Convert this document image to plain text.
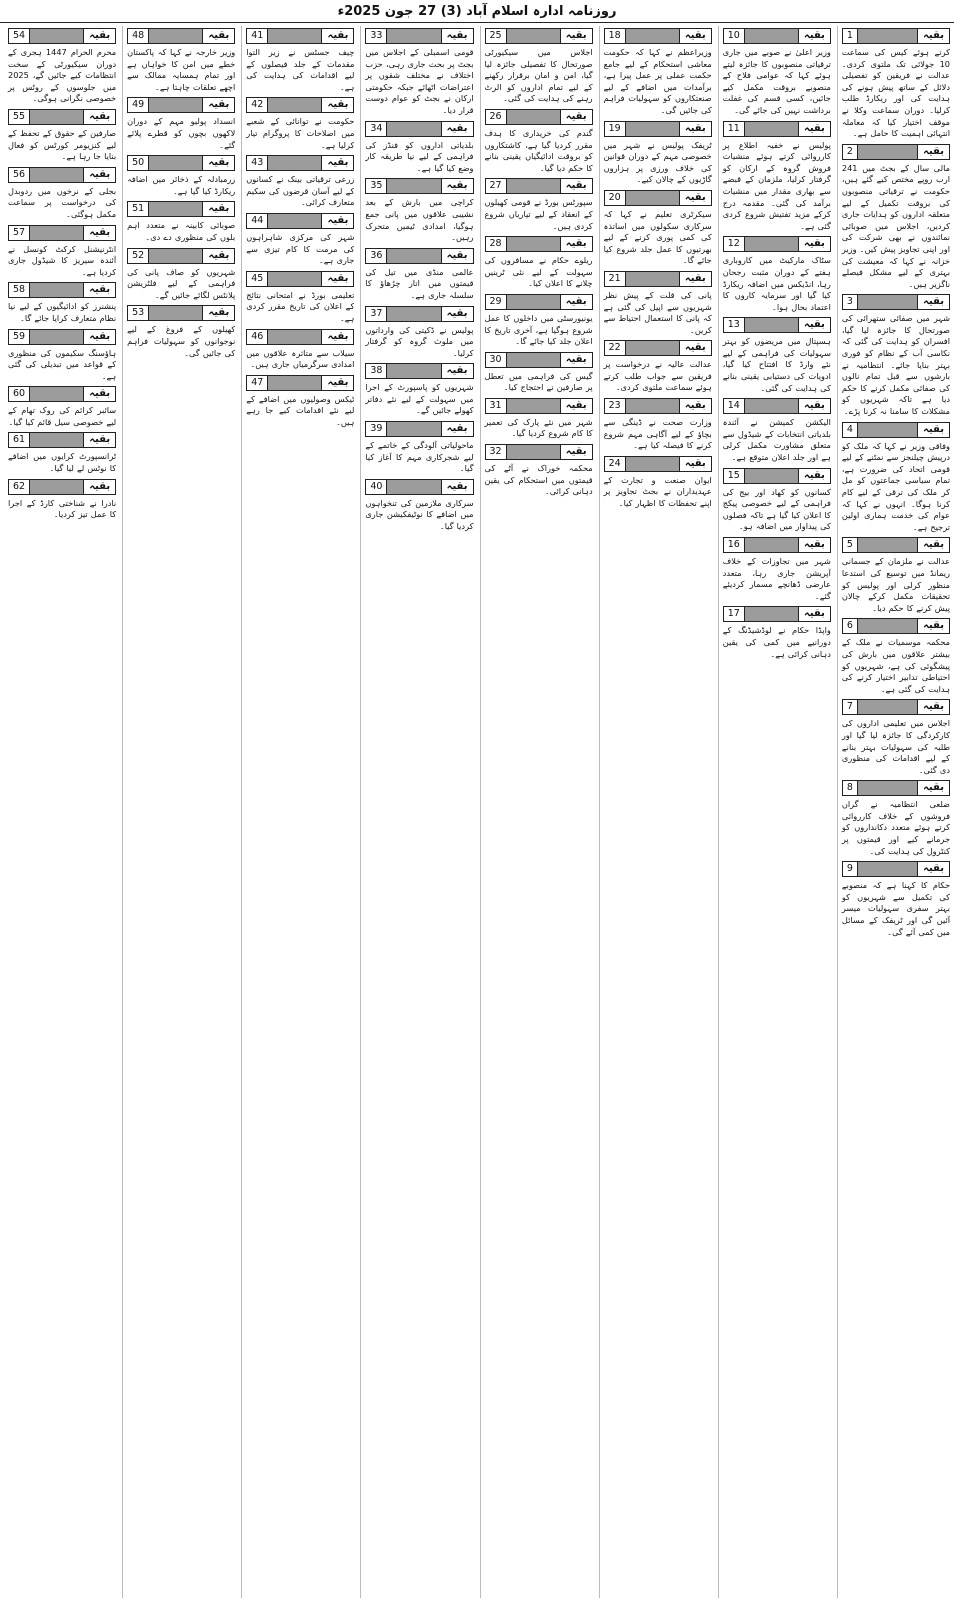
روزنامہ ادارہ اسلام آباد (3) 27 جون 2025ء
بقیہ
1

کرتے ہوئے کیس کی سماعت 10 جولائی تک ملتوی کردی۔ عدالت نے فریقین کو تفصیلی دلائل کے ساتھ پیش ہونے کی ہدایت کی اور ریکارڈ طلب کرلیا۔ دوران سماعت وکلا نے موقف اختیار کیا کہ معاملہ انتہائی اہمیت کا حامل ہے۔

بقیہ
2

مالی سال کے بجٹ میں 241 ارب روپے مختص کیے گئے ہیں، حکومت نے ترقیاتی منصوبوں کی بروقت تکمیل کے لیے متعلقہ اداروں کو ہدایات جاری کردیں، اجلاس میں صوبائی نمائندوں نے بھی شرکت کی اور اپنی تجاویز پیش کیں۔ وزیر خزانہ نے کہا کہ معیشت کی بہتری کے لیے مشکل فیصلے ناگزیر ہیں۔

بقیہ
3

شہر میں صفائی ستھرائی کی صورتحال کا جائزہ لیا گیا، افسران کو ہدایت کی گئی کہ نکاسی آب کے نظام کو فوری بہتر بنایا جائے۔ انتظامیہ نے بارشوں سے قبل تمام نالوں کی صفائی مکمل کرنے کا حکم دیا ہے تاکہ شہریوں کو مشکلات کا سامنا نہ کرنا پڑے۔

بقیہ
4

وفاقی وزیر نے کہا کہ ملک کو درپیش چیلنجز سے نمٹنے کے لیے قومی اتحاد کی ضرورت ہے، تمام سیاسی جماعتوں کو مل کر ملک کی ترقی کے لیے کام کرنا ہوگا۔ انہوں نے کہا کہ عوام کی خدمت ہماری اولین ترجیح ہے۔

بقیہ
5

عدالت نے ملزمان کے جسمانی ریمانڈ میں توسیع کی استدعا منظور کرلی اور پولیس کو تحقیقات مکمل کرکے چالان پیش کرنے کا حکم دیا۔

بقیہ
6

محکمہ موسمیات نے ملک کے بیشتر علاقوں میں بارش کی پیشگوئی کی ہے، شہریوں کو احتیاطی تدابیر اختیار کرنے کی ہدایت کی گئی ہے۔

بقیہ
7

اجلاس میں تعلیمی اداروں کی کارکردگی کا جائزہ لیا گیا اور طلبہ کی سہولیات بہتر بنانے کے لیے اقدامات کی منظوری دی گئی۔

بقیہ
8

ضلعی انتظامیہ نے گراں فروشوں کے خلاف کارروائی کرتے ہوئے متعدد دکانداروں کو جرمانے کیے اور قیمتوں پر کنٹرول کی ہدایت کی۔

بقیہ
9

حکام کا کہنا ہے کہ منصوبے کی تکمیل سے شہریوں کو بہتر سفری سہولیات میسر آئیں گی اور ٹریفک کے مسائل میں کمی آئے گی۔

بقیہ
10

وزیر اعلیٰ نے صوبے میں جاری ترقیاتی منصوبوں کا جائزہ لیتے ہوئے کہا کہ عوامی فلاح کے منصوبے بروقت مکمل کیے جائیں، کسی قسم کی غفلت برداشت نہیں کی جائے گی۔

بقیہ
11

پولیس نے خفیہ اطلاع پر کارروائی کرتے ہوئے منشیات فروش گروہ کے ارکان کو گرفتار کرلیا، ملزمان کے قبضے سے بھاری مقدار میں منشیات برآمد کی گئی۔ مقدمہ درج کرکے مزید تفتیش شروع کردی گئی ہے۔

بقیہ
12

سٹاک مارکیٹ میں کاروباری ہفتے کے دوران مثبت رجحان رہا، انڈیکس میں اضافہ ریکارڈ کیا گیا اور سرمایہ کاروں کا اعتماد بحال ہوا۔

بقیہ
13

ہسپتال میں مریضوں کو بہتر سہولیات کی فراہمی کے لیے نئے وارڈ کا افتتاح کیا گیا، ادویات کی دستیابی یقینی بنانے کی ہدایت کی گئی۔

بقیہ
14

الیکشن کمیشن نے آئندہ بلدیاتی انتخابات کے شیڈول سے متعلق مشاورت مکمل کرلی ہے اور جلد اعلان متوقع ہے۔

بقیہ
15

کسانوں کو کھاد اور بیج کی فراہمی کے لیے خصوصی پیکج کا اعلان کیا گیا ہے تاکہ فصلوں کی پیداوار میں اضافہ ہو۔

بقیہ
16

شہر میں تجاوزات کے خلاف آپریشن جاری رہا، متعدد عارضی ڈھانچے مسمار کردیئے گئے۔

بقیہ
17

واپڈا حکام نے لوڈشیڈنگ کے دورانیے میں کمی کی یقین دہانی کرائی ہے۔

بقیہ
18

وزیراعظم نے کہا کہ حکومت معاشی استحکام کے لیے جامع حکمت عملی پر عمل پیرا ہے، برآمدات میں اضافے کے لیے صنعتکاروں کو سہولیات فراہم کی جائیں گی۔

بقیہ
19

ٹریفک پولیس نے شہر میں خصوصی مہم کے دوران قوانین کی خلاف ورزی پر ہزاروں گاڑیوں کے چالان کیے۔

بقیہ
20

سیکرٹری تعلیم نے کہا کہ سرکاری سکولوں میں اساتذہ کی کمی پوری کرنے کے لیے بھرتیوں کا عمل جلد شروع کیا جائے گا۔

بقیہ
21

پانی کی قلت کے پیش نظر شہریوں سے اپیل کی گئی ہے کہ پانی کا استعمال احتیاط سے کریں۔

بقیہ
22

عدالت عالیہ نے درخواست پر فریقین سے جواب طلب کرتے ہوئے سماعت ملتوی کردی۔

بقیہ
23

وزارت صحت نے ڈینگی سے بچاؤ کے لیے آگاہی مہم شروع کرنے کا فیصلہ کیا ہے۔

بقیہ
24

ایوان صنعت و تجارت کے عہدیداران نے بجٹ تجاویز پر اپنے تحفظات کا اظہار کیا۔

بقیہ
25

اجلاس میں سیکیورٹی صورتحال کا تفصیلی جائزہ لیا گیا، امن و امان برقرار رکھنے کے لیے تمام اداروں کو الرٹ رہنے کی ہدایت کی گئی۔

بقیہ
26

گندم کی خریداری کا ہدف مقرر کردیا گیا ہے، کاشتکاروں کو بروقت ادائیگیاں یقینی بنانے کا حکم دیا گیا۔

بقیہ
27

سپورٹس بورڈ نے قومی کھیلوں کے انعقاد کے لیے تیاریاں شروع کردی ہیں۔

بقیہ
28

ریلوے حکام نے مسافروں کی سہولت کے لیے نئی ٹرینیں چلانے کا اعلان کیا۔

بقیہ
29

یونیورسٹی میں داخلوں کا عمل شروع ہوگیا ہے، آخری تاریخ کا اعلان جلد کیا جائے گا۔

بقیہ
30

گیس کی فراہمی میں تعطل پر صارفین نے احتجاج کیا۔

بقیہ
31

شہر میں نئے پارک کی تعمیر کا کام شروع کردیا گیا۔

بقیہ
32

محکمہ خوراک نے آٹے کی قیمتوں میں استحکام کی یقین دہانی کرائی۔

بقیہ
33

قومی اسمبلی کے اجلاس میں بجٹ پر بحث جاری رہی، حزب اختلاف نے مختلف شقوں پر اعتراضات اٹھائے جبکہ حکومتی ارکان نے بجٹ کو عوام دوست قرار دیا۔

بقیہ
34

بلدیاتی اداروں کو فنڈز کی فراہمی کے لیے نیا طریقہ کار وضع کیا گیا ہے۔

بقیہ
35

کراچی میں بارش کے بعد نشیبی علاقوں میں پانی جمع ہوگیا، امدادی ٹیمیں متحرک رہیں۔

بقیہ
36

عالمی منڈی میں تیل کی قیمتوں میں اتار چڑھاؤ کا سلسلہ جاری ہے۔

بقیہ
37

پولیس نے ڈکیتی کی وارداتوں میں ملوث گروہ کو گرفتار کرلیا۔

بقیہ
38

شہریوں کو پاسپورٹ کے اجرا میں سہولت کے لیے نئے دفاتر کھولے جائیں گے۔

بقیہ
39

ماحولیاتی آلودگی کے خاتمے کے لیے شجرکاری مہم کا آغاز کیا گیا۔

بقیہ
40

سرکاری ملازمین کی تنخواہوں میں اضافے کا نوٹیفکیشن جاری کردیا گیا۔

بقیہ
41

چیف جسٹس نے زیر التوا مقدمات کے جلد فیصلوں کے لیے اقدامات کی ہدایت کی ہے۔

بقیہ
42

حکومت نے توانائی کے شعبے میں اصلاحات کا پروگرام تیار کرلیا ہے۔

بقیہ
43

زرعی ترقیاتی بینک نے کسانوں کے لیے آسان قرضوں کی سکیم متعارف کرائی۔

بقیہ
44

شہر کی مرکزی شاہراہوں کی مرمت کا کام تیزی سے جاری ہے۔

بقیہ
45

تعلیمی بورڈ نے امتحانی نتائج کے اعلان کی تاریخ مقرر کردی ہے۔

بقیہ
46

سیلاب سے متاثرہ علاقوں میں امدادی سرگرمیاں جاری ہیں۔

بقیہ
47

ٹیکس وصولیوں میں اضافے کے لیے نئے اقدامات کیے جا رہے ہیں۔

بقیہ
48

وزیر خارجہ نے کہا کہ پاکستان خطے میں امن کا خواہاں ہے اور تمام ہمسایہ ممالک سے اچھے تعلقات چاہتا ہے۔

بقیہ
49

انسداد پولیو مہم کے دوران لاکھوں بچوں کو قطرے پلائے گئے۔

بقیہ
50

زرمبادلہ کے ذخائر میں اضافہ ریکارڈ کیا گیا ہے۔

بقیہ
51

صوبائی کابینہ نے متعدد اہم بلوں کی منظوری دے دی۔

بقیہ
52

شہریوں کو صاف پانی کی فراہمی کے لیے فلٹریشن پلانٹس لگائے جائیں گے۔

بقیہ
53

کھیلوں کے فروغ کے لیے نوجوانوں کو سہولیات فراہم کی جائیں گی۔

بقیہ
54

محرم الحرام 1447 ہجری کے دوران سیکیورٹی کے سخت انتظامات کیے جائیں گے، 2025 میں جلوسوں کے روٹس پر خصوصی نگرانی ہوگی۔

بقیہ
55

صارفین کے حقوق کے تحفظ کے لیے کنزیومر کورٹس کو فعال بنایا جا رہا ہے۔

بقیہ
56

بجلی کے نرخوں میں ردوبدل کی درخواست پر سماعت مکمل ہوگئی۔

بقیہ
57

انٹرنیشنل کرکٹ کونسل نے آئندہ سیریز کا شیڈول جاری کردیا ہے۔

بقیہ
58

پنشنرز کو ادائیگیوں کے لیے نیا نظام متعارف کرایا جائے گا۔

بقیہ
59

ہاؤسنگ سکیموں کی منظوری کے قواعد میں تبدیلی کی گئی ہے۔

بقیہ
60

سائبر کرائم کی روک تھام کے لیے خصوصی سیل قائم کیا گیا۔

بقیہ
61

ٹرانسپورٹ کرایوں میں اضافے کا نوٹس لے لیا گیا۔

بقیہ
62

نادرا نے شناختی کارڈ کے اجرا کا عمل تیز کردیا۔
